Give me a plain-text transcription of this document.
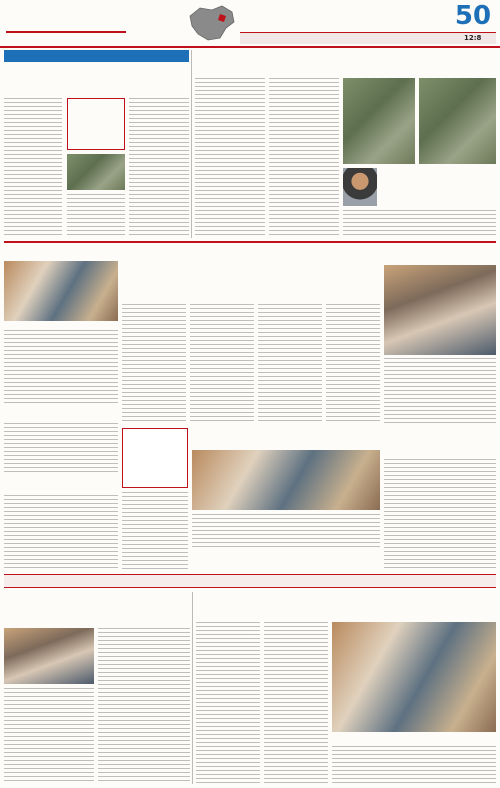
50
12:8
